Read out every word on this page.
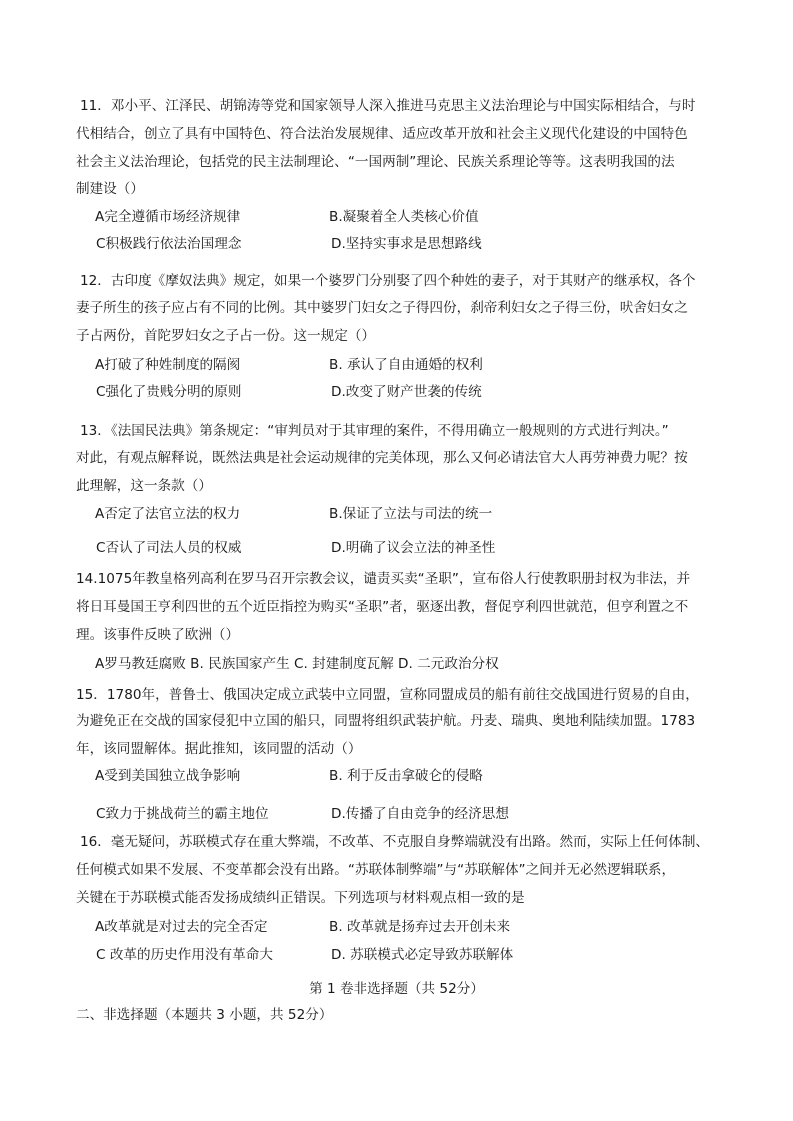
11．邓小平、江泽民、胡锦涛等党和国家领导人深入推进马克思主义法治理论与中国实际相结合，与时
代相结合，创立了具有中国特色、符合法治发展规律、适应改革开放和社会主义现代化建设的中国特色
社会主义法治理论，包括党的民主法制理论、“一国两制”理论、民族关系理论等等。这表明我国的法
制建设（）
A完全遵循市场经济规律	B.凝聚着全人类核心价值
C积极践行依法治国理念	D.坚持实事求是思想路线
12．古印度《摩奴法典》规定，如果一个婆罗门分别娶了四个种姓的妻子，对于其财产的继承权，各个
妻子所生的孩子应占有不同的比例。其中婆罗门妇女之子得四份，刹帝利妇女之子得三份，吠舍妇女之
子占两份，首陀罗妇女之子占一份。这一规定（）
A打破了种姓制度的隔阂	B. 承认了自由通婚的权利
C强化了贵贱分明的原则	D.改变了财产世袭的传统
13．《法国民法典》第条规定：“审判员对于其审理的案件，不得用确立一般规则的方式进行判决。”
对此，有观点解释说，既然法典是社会运动规律的完美体现，那么又何必请法官大人再劳神费力呢？按
此理解，这一条款（）
A否定了法官立法的权力	B.保证了立法与司法的统一
C否认了司法人员的权威	D.明确了议会立法的神圣性
14.1075年教皇格列高利在罗马召开宗教会议，谴责买卖“圣职”，宣布俗人行使教职册封权为非法，并
将日耳曼国王亨利四世的五个近臣指控为购买“圣职”者，驱逐出教，督促亨利四世就范，但亨利置之不
理。该事件反映了欧洲（）
A罗马教廷腐败 B. 民族国家产生 C. 封建制度瓦解 D. 二元政治分权
15．1780年，普鲁士、俄国决定成立武装中立同盟，宣称同盟成员的船有前往交战国进行贸易的自由，
为避免正在交战的国家侵犯中立国的船只，同盟将组织武装护航。丹麦、瑞典、奥地利陆续加盟。1783
年，该同盟解体。据此推知，该同盟的活动（）
A受到美国独立战争影响	B. 利于反击拿破仑的侵略
C致力于挑战荷兰的霸主地位	D.传播了自由竞争的经济思想
16．毫无疑问，苏联模式存在重大弊端，不改革、不克服自身弊端就没有出路。然而，实际上任何体制、
任何模式如果不发展、不变革都会没有出路。“苏联体制弊端”与“苏联解体”之间并无必然逻辑联系，
关键在于苏联模式能否发扬成绩纠正错误。下列选项与材料观点相一致的是
A改革就是对过去的完全否定	B. 改革就是扬弃过去开创未来
C 改革的历史作用没有革命大	D. 苏联模式必定导致苏联解体
第 1 卷非选择题（共 52分）
二、非选择题（本题共 3 小题，共 52分）
